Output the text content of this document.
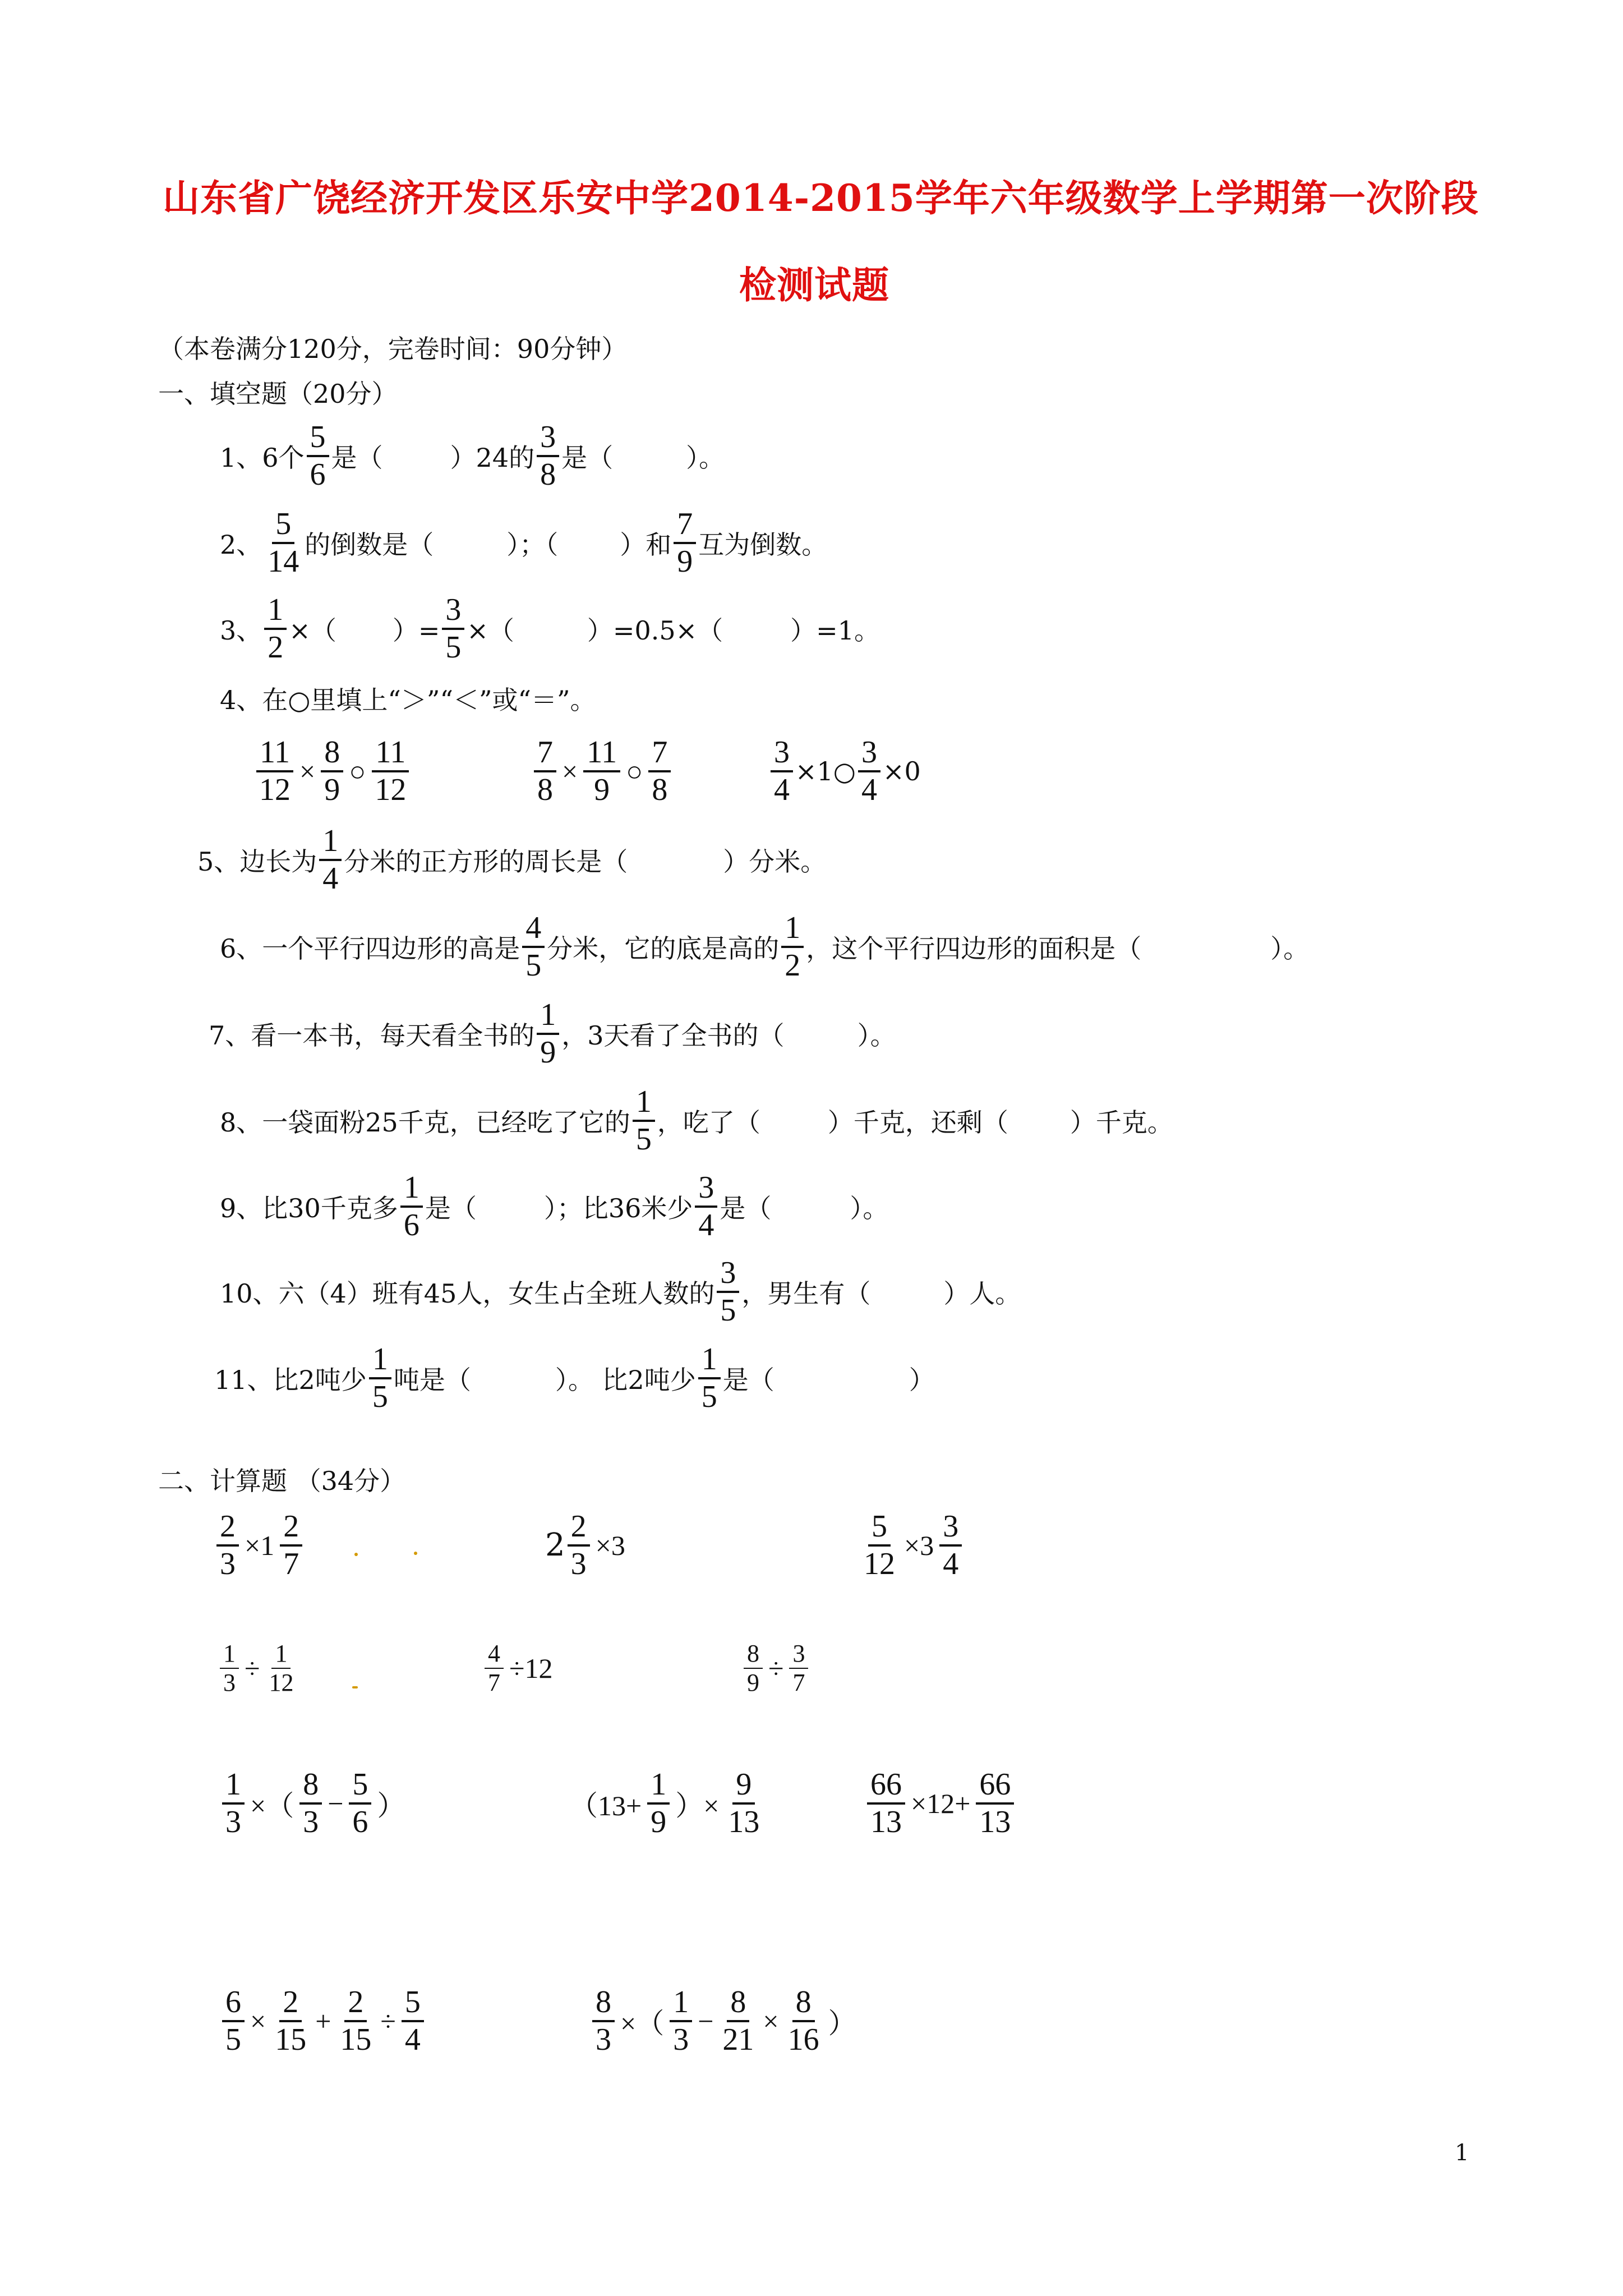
山东省广饶经济开发区乐安中学2014-2015学年六年级数学上学期第一次阶段
检测试题
（本卷满分120分，完卷时间：90分钟）
一、填空题（20分）
1、6个 $\frac{5}{6}$ 是（	）24的 $\frac{3}{8}$ 是（	）。
2、 $\frac{5}{14}$ 的倒数是（	）；（ ）和 $\frac{7}{9}$ 互为倒数。
3、 $\frac{1}{2}$ ×（ ）= $\frac{3}{5}$ ×（	）=0.5×（	）=1。
4、在○里填上“＞”“＜”或“＝”。
$\frac{11}{12} \times \frac{8}{9}$ ○ $\frac{11}{12}$	$\frac{7}{8} \times \frac{11}{9}$ ○ $\frac{7}{8}$	$\frac{3}{4}$ ×1○ $\frac{3}{4} \times 0$
5、边长为 $\frac{1}{4}$ 分米的正方形的周长是（	）分米。
6、一个平行四边形的高是 $\frac{4}{5}$ 分米，它的底是高的 $\frac{1}{2}$ ，这个平行四边形的面积是（	）。
7、看一本书，每天看全书的 $\frac{1}{9}$ ，3天看了全书的（	）。
8、一袋面粉25千克，已经吃了它的 $\frac{1}{5}$ ，吃了（	）千克，还剩（ ）千克。
9、比30千克多 $\frac{1}{6}$ 是（	）；比36米少 $\frac{3}{4}$ 是（	）。
10、六（4）班有45人，女生占全班人数的 $\frac{3}{5}$ ，男生有（	）人。
11、比2吨少 $\frac{1}{5}$ 吨是（	）。 比2吨少 $\frac{1}{5}$ 是（	）
二、计算题 （34分）
$\frac{2}{3} \times 1 \frac{2}{7}$	$2 \frac{2}{3} \times 3$	$\frac{5}{12} \times 3 \frac{3}{4}$
$\frac{1}{3} \div \frac{1}{12}$	$\frac{4}{7} \div 12$	$\frac{8}{9} \div \frac{3}{7}$
$\frac{1}{3}$ ×（ $\frac{8}{3} - \frac{5}{6}$ ）	（$13+ \frac{1}{9}$ ）× $\frac{9}{13}$	$\frac{66}{13} \times 12+ \frac{66}{13}$
$\frac{6}{5} \times \frac{2}{15} + \frac{2}{15} \div \frac{5}{4}$	$\frac{8}{3}$ ×（ $\frac{1}{3} - \frac{8}{21} \times \frac{8}{16}$ ）
1
